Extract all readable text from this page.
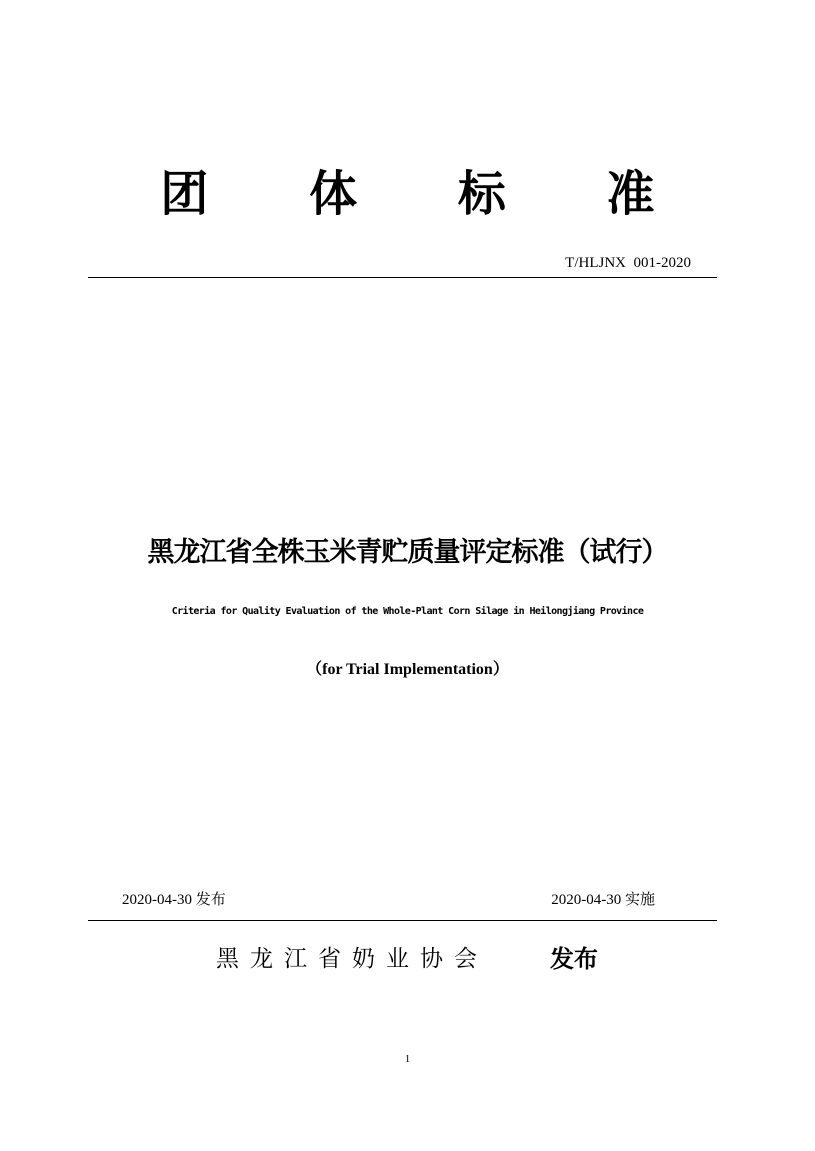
团 体 标 准
T/HLJNX  001-2020
黑龙江省全株玉米青贮质量评定标准（试行）
Criteria for Quality Evaluation of the Whole-Plant Corn Silage in Heilongjiang Province
（for Trial Implementation）
2020-04-30 发布	2020-04-30 实施
黑龙江省奶业协会	发布
1
